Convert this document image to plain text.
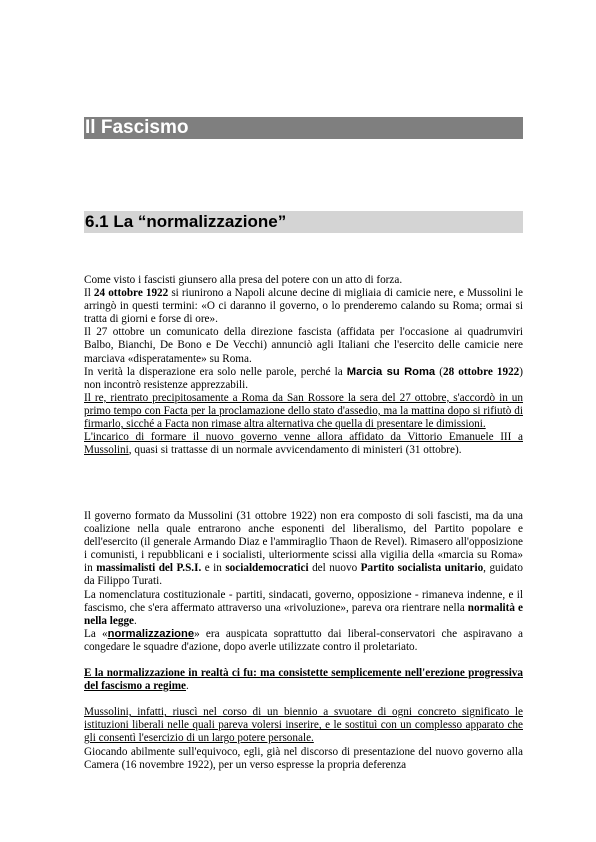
Il Fascismo
6.1 La “normalizzazione”

Come visto i fascisti giunsero alla presa del potere con un atto di forza.

Il 24 ottobre 1922 si riunirono a Napoli alcune decine di migliaia di camicie nere, e Mussolini le arringò in questi termini: «O ci daranno il governo, o lo prenderemo calando su Roma; ormai si tratta di giorni e forse di ore».

Il 27 ottobre un comunicato della direzione fascista (affidata per l'occasione ai quadrumviri Balbo, Bianchi, De Bono e De Vecchi) annunciò agli Italiani che l'esercito delle camicie nere marciava «disperatamente» su Roma.

In verità la disperazione era solo nelle parole, perché la Marcia su Roma (28 ottobre 1922) non incontrò resistenze apprezzabili.

Il re, rientrato precipitosamente a Roma da San Rossore la sera del 27 ottobre, s'accordò in un primo tempo con Facta per la proclamazione dello stato d'assedio, ma la mattina dopo si rifiutò di firmarlo, sicché a Facta non rimase altra alternativa che quella di presentare le dimissioni.

L'incarico di formare il nuovo governo venne allora affidato da Vittorio Emanuele III a Mussolini, quasi si trattasse di un normale avvicendamento di ministeri (31 ottobre).

Il governo formato da Mussolini (31 ottobre 1922) non era composto di soli fascisti, ma da una coalizione nella quale entrarono anche esponenti del liberalismo, del Partito popolare e dell'esercito (il generale Armando Diaz e l'ammiraglio Thaon de Revel). Rimasero all'opposizione i comunisti, i repubblicani e i socialisti, ulteriormente scissi alla vigilia della «marcia su Roma» in massimalisti del P.S.I. e in socialdemocratici del nuovo Partito socialista unitario, guidato da Filippo Turati.

La nomenclatura costituzionale - partiti, sindacati, governo, opposizione - rimaneva indenne, e il fascismo, che s'era affermato attraverso una «rivoluzione», pareva ora rientrare nella normalità e nella legge.

La «normalizzazione» era auspicata soprattutto dai liberal-conservatori che aspiravano a congedare le squadre d'azione, dopo averle utilizzate contro il proletariato.

E la normalizzazione in realtà ci fu: ma consistette semplicemente nell'erezione progressiva del fascismo a regime.

Mussolini, infatti, riuscì nel corso di un biennio a svuotare di ogni concreto significato le istituzioni liberali nelle quali pareva volersi inserire, e le sostituì con un complesso apparato che gli consentì l'esercizio di un largo potere personale.

Giocando abilmente sull'equivoco, egli, già nel discorso di presentazione del nuovo governo alla Camera (16 novembre 1922), per un verso espresse la propria deferenza
